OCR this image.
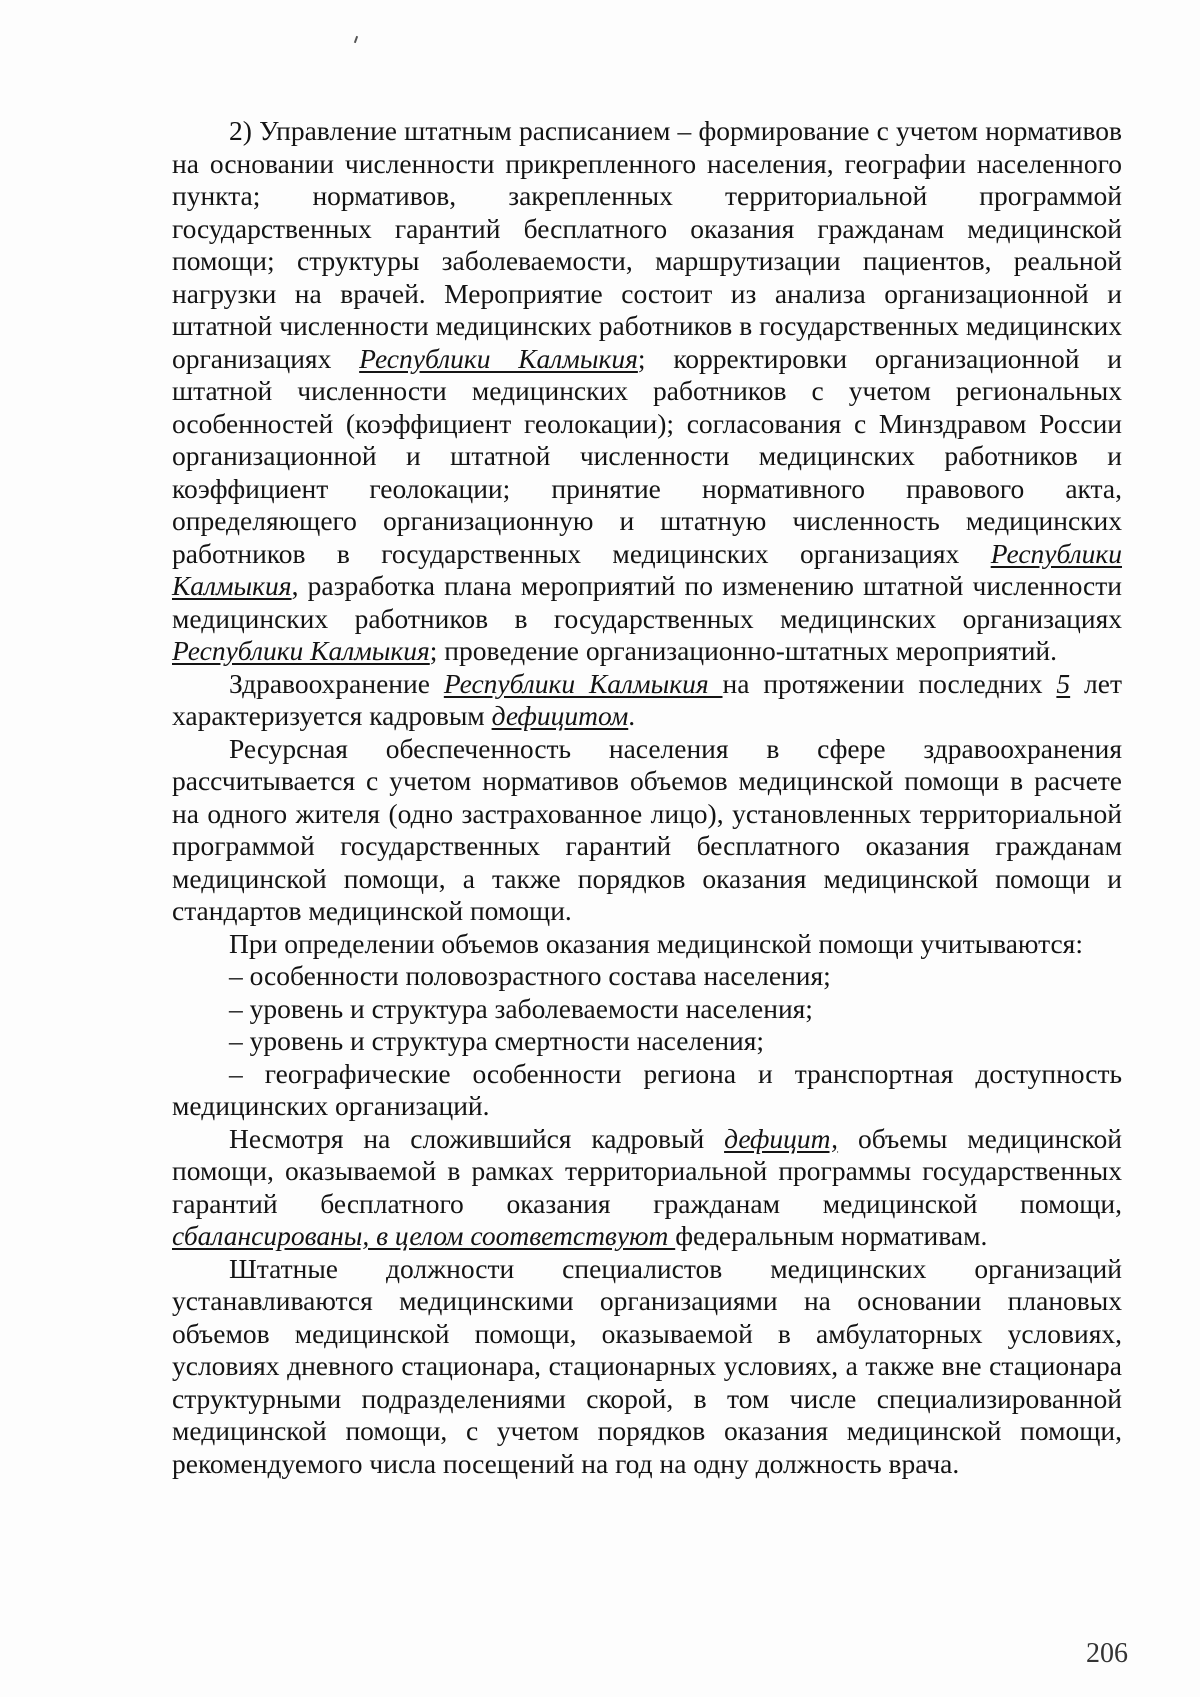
2) Управление штатным расписанием – формирование с учетом нормативов на основании численности прикрепленного населения, географии населенного пункта; нормативов, закрепленных территориальной программой государственных гарантий бесплатного оказания гражданам медицинской помощи; структуры заболеваемости, маршрутизации пациентов, реальной нагрузки на врачей. Мероприятие состоит из анализа организационной и штатной численности медицинских работников в государственных медицинских организациях Республики Калмыкия; корректировки организационной и штатной численности медицинских работников с учетом региональных особенностей (коэффициент геолокации); согласования с Минздравом России организационной и штатной численности медицинских работников и коэффициент геолокации; принятие нормативного правового акта, определяющего организационную и штатную численность медицинских работников в государственных медицинских организациях Республики Калмыкия, разработка плана мероприятий по изменению штатной численности медицинских работников в государственных медицинских организациях Республики Калмыкия; проведение организационно-штатных мероприятий.

Здравоохранение Республики Калмыкия на протяжении последних 5 лет характеризуется кадровым дефицитом.

Ресурсная обеспеченность населения в сфере здравоохранения рассчитывается с учетом нормативов объемов медицинской помощи в расчете на одного жителя (одно застрахованное лицо), установленных территориальной программой государственных гарантий бесплатного оказания гражданам медицинской помощи, а также порядков оказания медицинской помощи и стандартов медицинской помощи.

При определении объемов оказания медицинской помощи учитываются:

– особенности половозрастного состава населения;

– уровень и структура заболеваемости населения;

– уровень и структура смертности населения;

– географические особенности региона и транспортная доступность медицинских организаций.

Несмотря на сложившийся кадровый дефицит, объемы медицинской помощи, оказываемой в рамках территориальной программы государственных гарантий бесплатного оказания гражданам медицинской помощи, сбалансированы, в целом соответствуют федеральным нормативам.

Штатные должности специалистов медицинских организаций устанавливаются медицинскими организациями на основании плановых объемов медицинской помощи, оказываемой в амбулаторных условиях, условиях дневного стационара, стационарных условиях, а также вне стационара структурными подразделениями скорой, в том числе специализированной медицинской помощи, с учетом порядков оказания медицинской помощи, рекомендуемого числа посещений на год на одну должность врача.

206
